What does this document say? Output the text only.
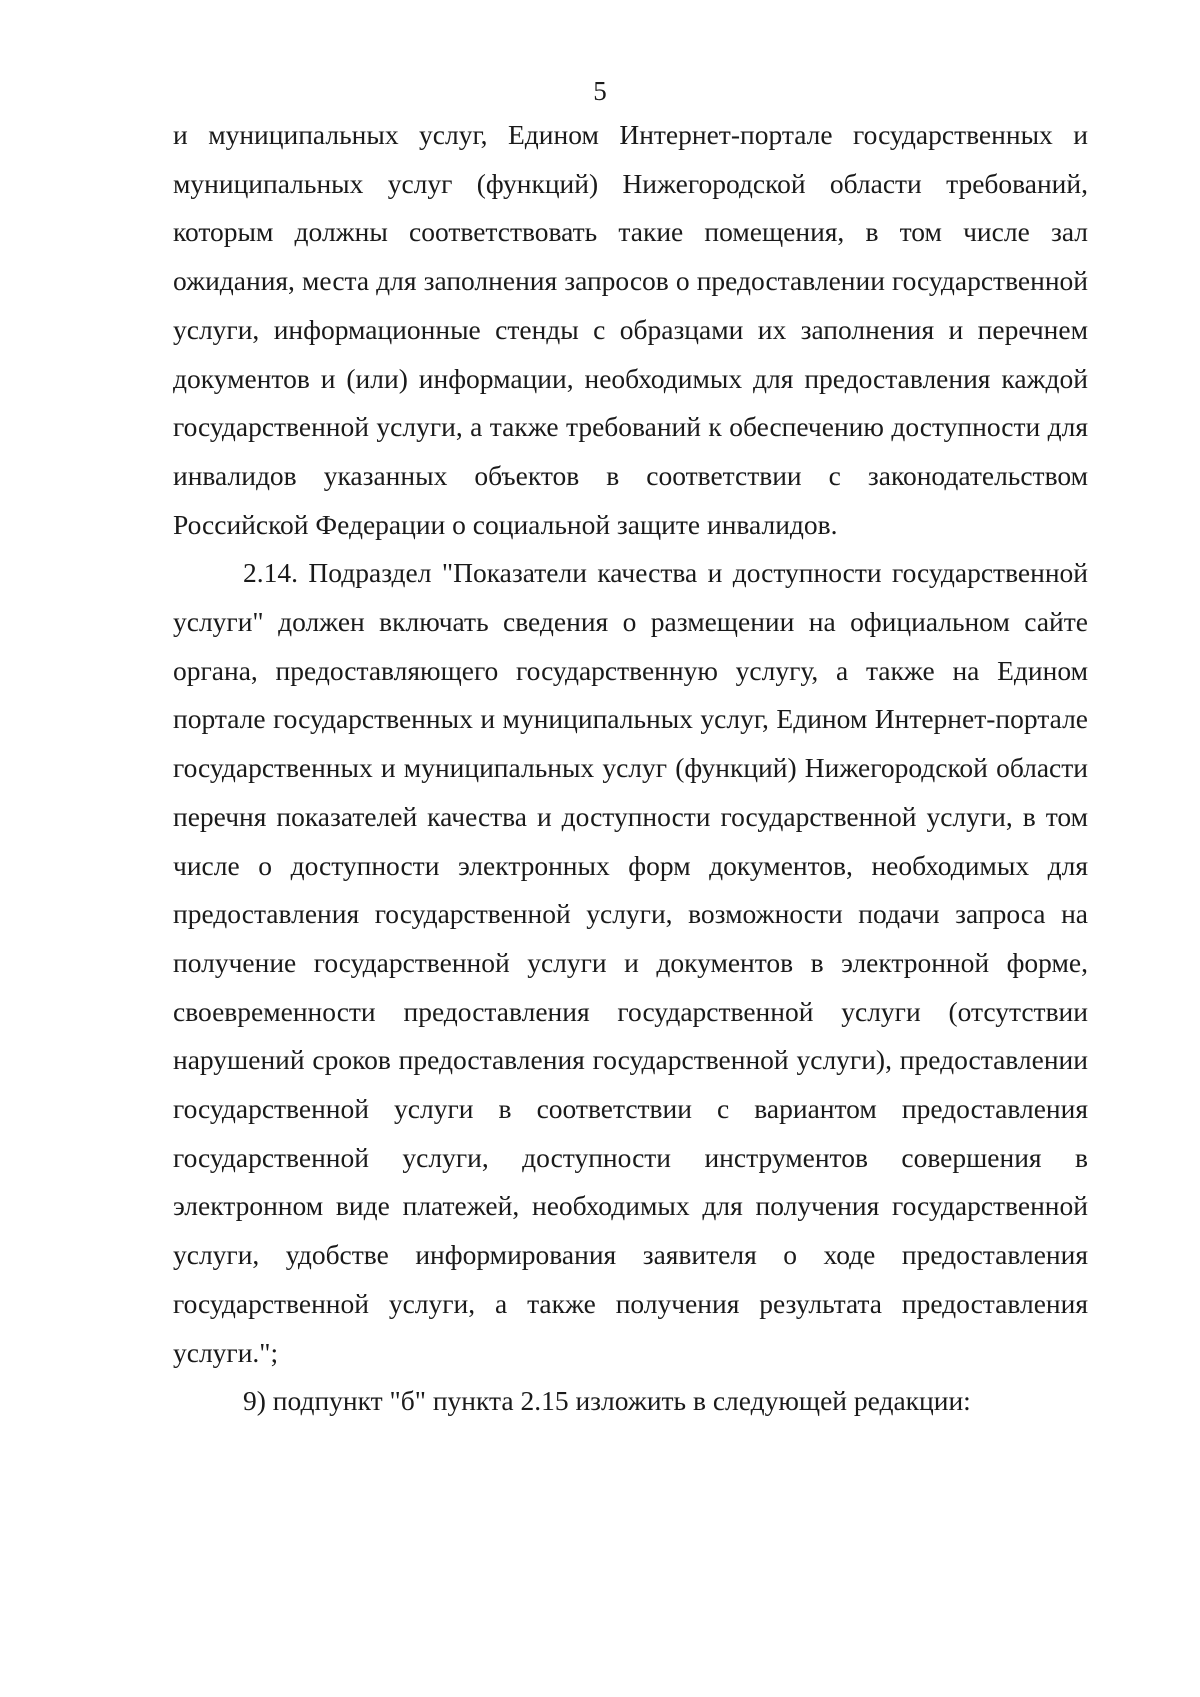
5

и муниципальных услуг, Едином Интернет-портале государственных и муниципальных услуг (функций) Нижегородской области требований, которым должны соответствовать такие помещения, в том числе зал ожидания, места для заполнения запросов о предоставлении государственной услуги, информационные стенды с образцами их заполнения и перечнем документов и (или) информации, необходимых для предоставления каждой государственной услуги, а также требований к обеспечению доступности для инвалидов указанных объектов в соответствии с законодательством Российской Федерации о социальной защите инвалидов.

2.14. Подраздел "Показатели качества и доступности государственной услуги" должен включать сведения о размещении на официальном сайте органа, предоставляющего государственную услугу, а также на Едином портале государственных и муниципальных услуг, Едином Интернет-портале государственных и муниципальных услуг (функций) Нижегородской области перечня показателей качества и доступности государственной услуги, в том числе о доступности электронных форм документов, необходимых для предоставления государственной услуги, возможности подачи запроса на получение государственной услуги и документов в электронной форме, своевременности предоставления государственной услуги (отсутствии нарушений сроков предоставления государственной услуги), предоставлении государственной услуги в соответствии с вариантом предоставления государственной услуги, доступности инструментов совершения в электронном виде платежей, необходимых для получения государственной услуги, удобстве информирования заявителя о ходе предоставления государственной услуги, а также получения результата предоставления услуги.";

9) подпункт "б" пункта 2.15 изложить в следующей редакции:
